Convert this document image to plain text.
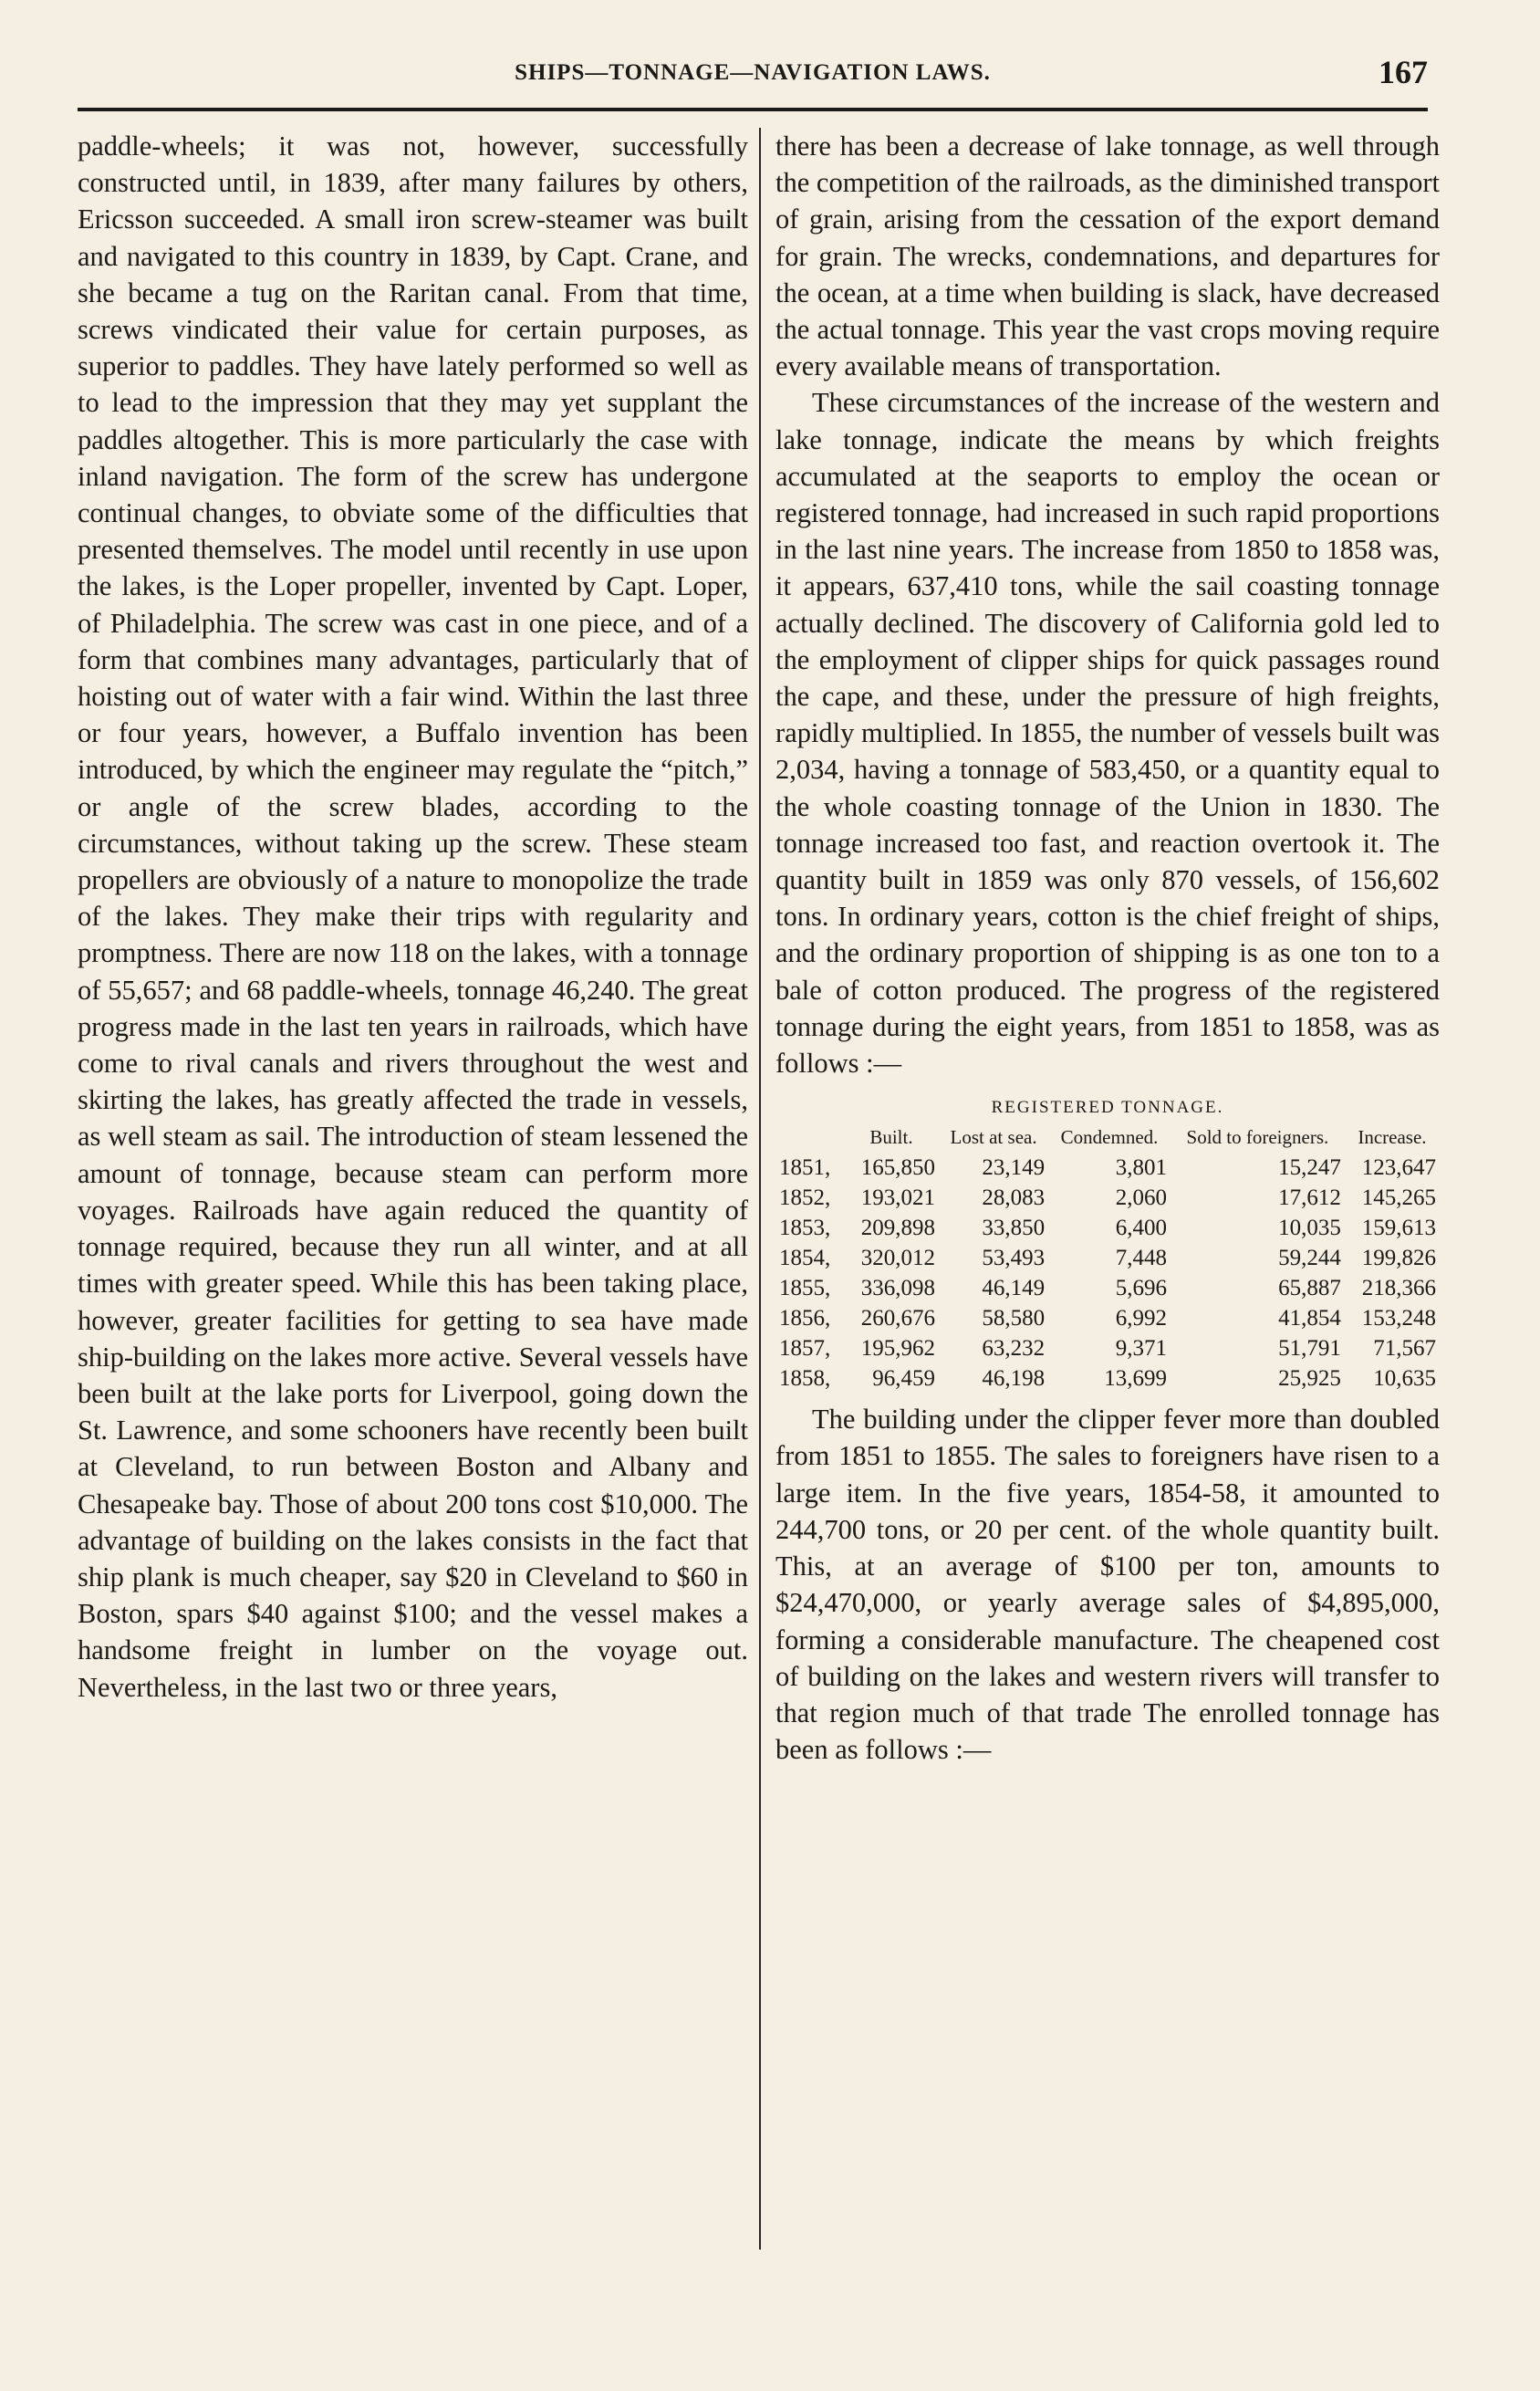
SHIPS—TONNAGE—NAVIGATION LAWS.	167

paddle-wheels; it was not, however, successfully constructed until, in 1839, after many failures by others, Ericsson succeeded. A small iron screw-steamer was built and navigated to this country in 1839, by Capt. Crane, and she became a tug on the Raritan canal. From that time, screws vindicated their value for certain purposes, as superior to paddles. They have lately performed so well as to lead to the impression that they may yet supplant the paddles altogether. This is more particularly the case with inland navigation. The form of the screw has undergone continual changes, to obviate some of the difficulties that presented themselves. The model until recently in use upon the lakes, is the Loper propeller, invented by Capt. Loper, of Philadelphia. The screw was cast in one piece, and of a form that combines many advantages, particularly that of hoisting out of water with a fair wind. Within the last three or four years, however, a Buffalo invention has been introduced, by which the engineer may regulate the “pitch,” or angle of the screw blades, according to the circumstances, without taking up the screw. These steam propellers are obviously of a nature to monopolize the trade of the lakes. They make their trips with regularity and promptness. There are now 118 on the lakes, with a tonnage of 55,657; and 68 paddle-wheels, tonnage 46,240. The great progress made in the last ten years in railroads, which have come to rival canals and rivers throughout the west and skirting the lakes, has greatly affected the trade in vessels, as well steam as sail. The introduction of steam lessened the amount of tonnage, because steam can perform more voyages. Railroads have again reduced the quantity of tonnage required, because they run all winter, and at all times with greater speed. While this has been taking place, however, greater facilities for getting to sea have made ship-building on the lakes more active. Several vessels have been built at the lake ports for Liverpool, going down the St. Lawrence, and some schooners have recently been built at Cleveland, to run between Boston and Albany and Chesapeake bay. Those of about 200 tons cost $10,000. The advantage of building on the lakes consists in the fact that ship plank is much cheaper, say $20 in Cleveland to $60 in Boston, spars $40 against $100; and the vessel makes a handsome freight in lumber on the voyage out. Nevertheless, in the last two or three years,

there has been a decrease of lake tonnage, as well through the competition of the railroads, as the diminished transport of grain, arising from the cessation of the export demand for grain. The wrecks, condemnations, and departures for the ocean, at a time when building is slack, have decreased the actual tonnage. This year the vast crops moving require every available means of transportation.

These circumstances of the increase of the western and lake tonnage, indicate the means by which freights accumulated at the seaports to employ the ocean or registered tonnage, had increased in such rapid proportions in the last nine years. The increase from 1850 to 1858 was, it appears, 637,410 tons, while the sail coasting tonnage actually declined. The discovery of California gold led to the employment of clipper ships for quick passages round the cape, and these, under the pressure of high freights, rapidly multiplied. In 1855, the number of vessels built was 2,034, having a tonnage of 583,450, or a quantity equal to the whole coasting tonnage of the Union in 1830. The tonnage increased too fast, and reaction overtook it. The quantity built in 1859 was only 870 vessels, of 156,602 tons. In ordinary years, cotton is the chief freight of ships, and the ordinary proportion of shipping is as one ton to a bale of cotton produced. The progress of the registered tonnage during the eight years, from 1851 to 1858, was as follows :—

REGISTERED TONNAGE.
	Built.	Lost at sea.	Condemned.	Sold to foreigners.	Increase.
1851,	165,850	23,149	3,801	15,247	123,647
1852,	193,021	28,083	2,060	17,612	145,265
1853,	209,898	33,850	6,400	10,035	159,613
1854,	320,012	53,493	7,448	59,244	199,826
1855,	336,098	46,149	5,696	65,887	218,366
1856,	260,676	58,580	6,992	41,854	153,248
1857,	195,962	63,232	9,371	51,791	71,567
1858,	96,459	46,198	13,699	25,925	10,635

The building under the clipper fever more than doubled from 1851 to 1855. The sales to foreigners have risen to a large item. In the five years, 1854-58, it amounted to 244,700 tons, or 20 per cent. of the whole quantity built. This, at an average of $100 per ton, amounts to $24,470,000, or yearly average sales of $4,895,000, forming a considerable manufacture. The cheapened cost of building on the lakes and western rivers will transfer to that region much of that trade The enrolled tonnage has been as follows :—
